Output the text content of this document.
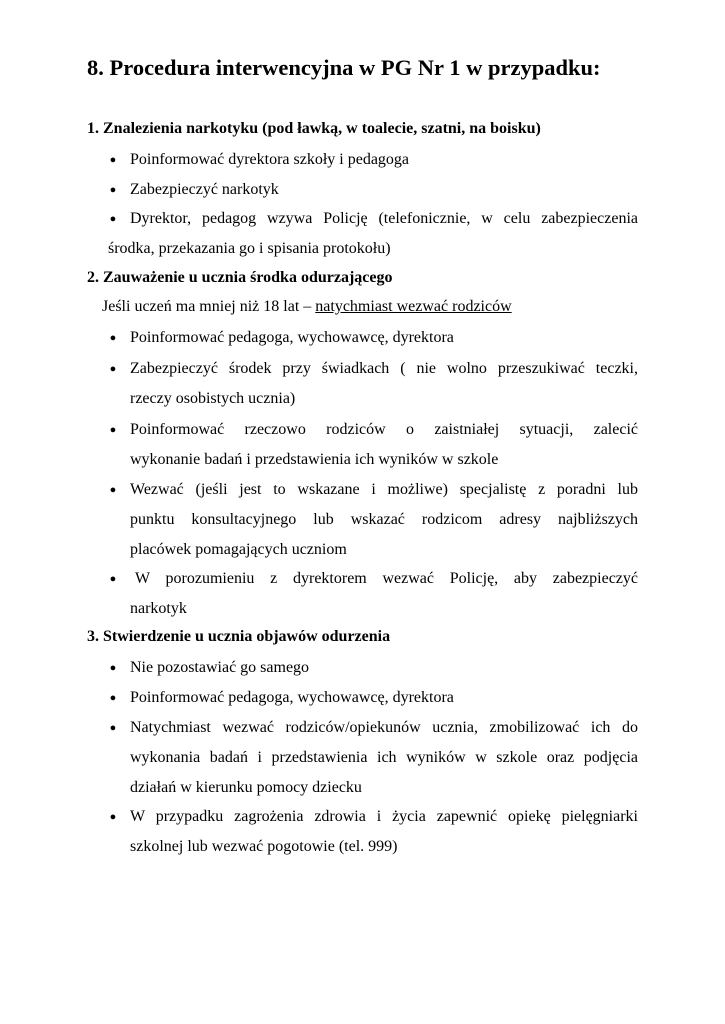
8. Procedura interwencyjna w PG Nr 1 w przypadku:
1. Znalezienia narkotyku (pod ławką, w toalecie, szatni, na boisku)
● Poinformować dyrektora szkoły i pedagoga
● Zabezpieczyć narkotyk
● Dyrektor, pedagog wzywa Policję (telefonicznie, w celu zabezpieczenia
środka, przekazania go i spisania protokołu)
2. Zauważenie u ucznia środka odurzającego
Jeśli uczeń ma mniej niż 18 lat – natychmiast wezwać rodziców
● Poinformować pedagoga, wychowawcę, dyrektora
● Zabezpieczyć środek przy świadkach ( nie wolno przeszukiwać teczki,
rzeczy osobistych ucznia)
● Poinformować rzeczowo rodziców o zaistniałej sytuacji, zalecić
wykonanie badań i przedstawienia ich wyników w szkole
● Wezwać (jeśli jest to wskazane i możliwe) specjalistę z poradni lub
punktu konsultacyjnego lub wskazać rodzicom adresy najbliższych
placówek pomagających uczniom
● W porozumieniu z dyrektorem wezwać Policję, aby zabezpieczyć
narkotyk
3. Stwierdzenie u ucznia objawów odurzenia
● Nie pozostawiać go samego
● Poinformować pedagoga, wychowawcę, dyrektora
● Natychmiast wezwać rodziców/opiekunów ucznia, zmobilizować ich do
wykonania badań i przedstawienia ich wyników w szkole oraz podjęcia
działań w kierunku pomocy dziecku
● W przypadku zagrożenia zdrowia i życia zapewnić opiekę pielęgniarki
szkolnej lub wezwać pogotowie (tel. 999)
